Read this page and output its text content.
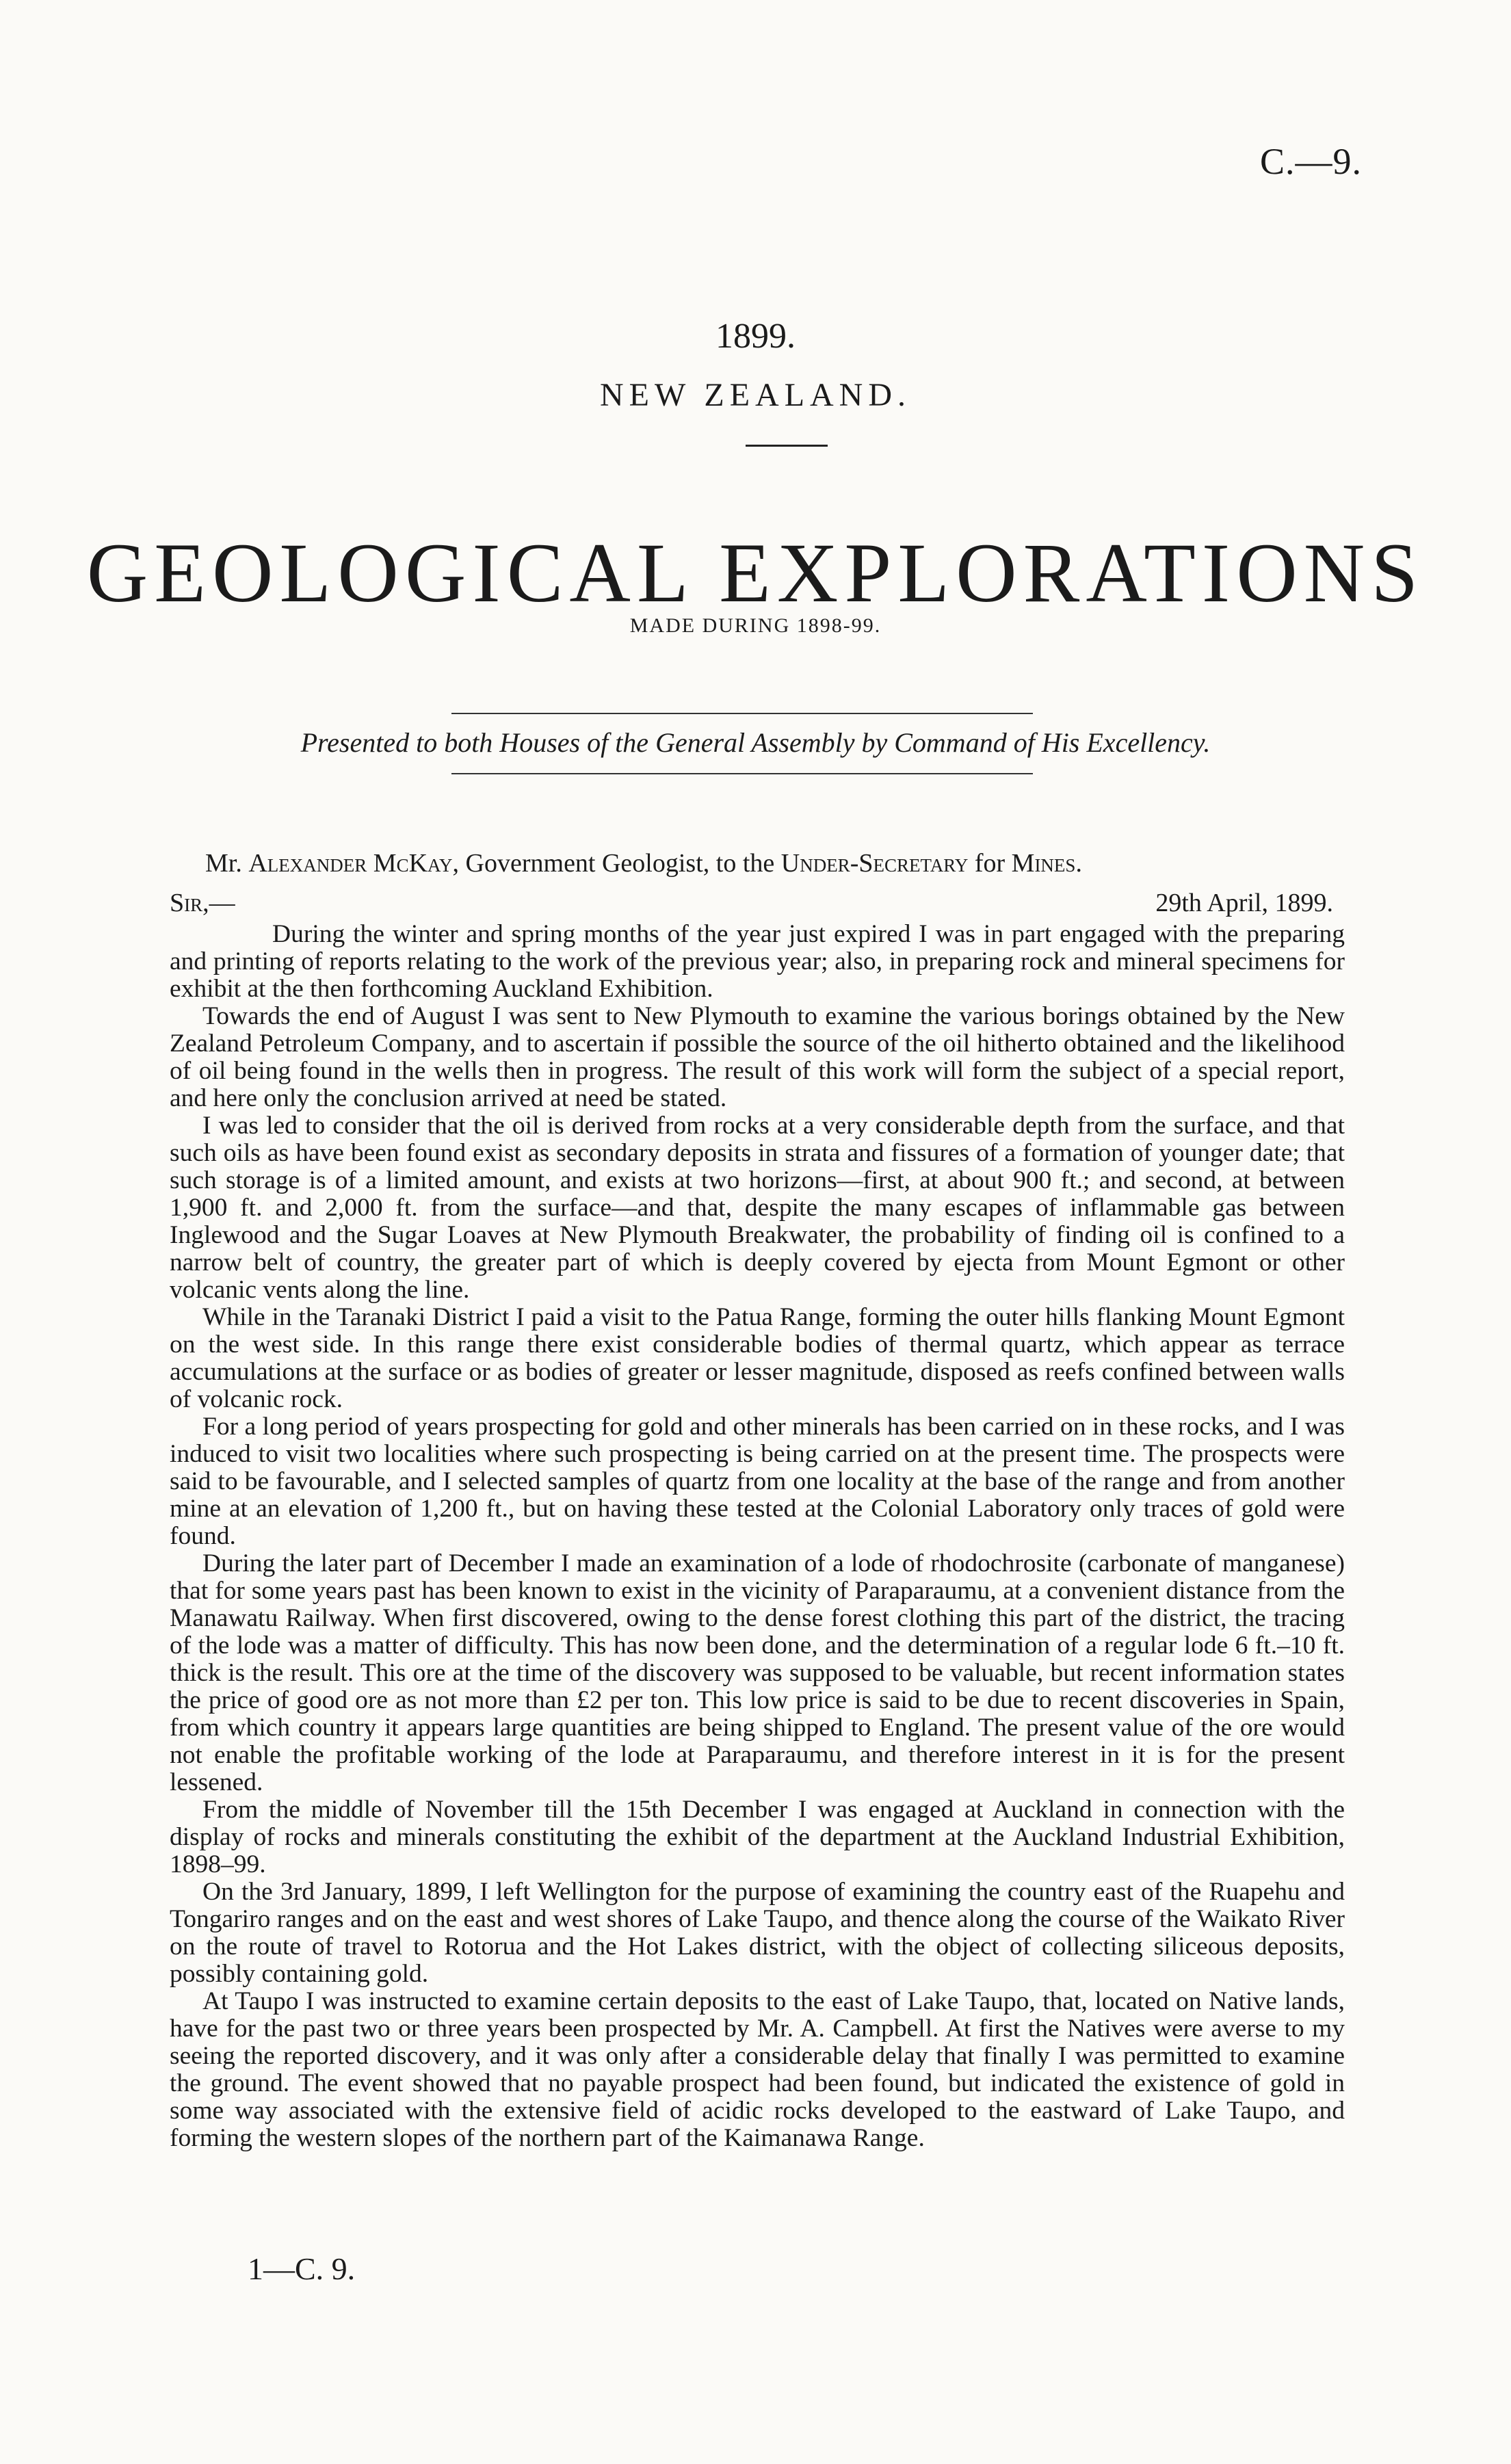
C.—9.
1899.
NEW ZEALAND.
GEOLOGICAL EXPLORATIONS
MADE DURING 1898-99.
Presented to both Houses of the General Assembly by Command of His Excellency.
Mr. Alexander McKay, Government Geologist, to the Under-Secretary for Mines.
Sir,—	29th April, 1899.

During the winter and spring months of the year just expired I was in part engaged with the preparing and printing of reports relating to the work of the previous year; also, in preparing rock and mineral specimens for exhibit at the then forthcoming Auckland Exhibition.

Towards the end of August I was sent to New Plymouth to examine the various borings obtained by the New Zealand Petroleum Company, and to ascertain if possible the source of the oil hitherto obtained and the likelihood of oil being found in the wells then in progress. The result of this work will form the subject of a special report, and here only the conclusion arrived at need be stated.

I was led to consider that the oil is derived from rocks at a very considerable depth from the surface, and that such oils as have been found exist as secondary deposits in strata and fissures of a formation of younger date; that such storage is of a limited amount, and exists at two horizons—first, at about 900 ft.; and second, at between 1,900 ft. and 2,000 ft. from the surface—and that, despite the many escapes of inflammable gas between Inglewood and the Sugar Loaves at New Plymouth Breakwater, the probability of finding oil is confined to a narrow belt of country, the greater part of which is deeply covered by ejecta from Mount Egmont or other volcanic vents along the line.

While in the Taranaki District I paid a visit to the Patua Range, forming the outer hills flanking Mount Egmont on the west side. In this range there exist considerable bodies of thermal quartz, which appear as terrace accumulations at the surface or as bodies of greater or lesser magnitude, disposed as reefs confined between walls of volcanic rock.

For a long period of years prospecting for gold and other minerals has been carried on in these rocks, and I was induced to visit two localities where such prospecting is being carried on at the present time. The prospects were said to be favourable, and I selected samples of quartz from one locality at the base of the range and from another mine at an elevation of 1,200 ft., but on having these tested at the Colonial Laboratory only traces of gold were found.

During the later part of December I made an examination of a lode of rhodochrosite (carbonate of manganese) that for some years past has been known to exist in the vicinity of Paraparaumu, at a convenient distance from the Manawatu Railway. When first discovered, owing to the dense forest clothing this part of the district, the tracing of the lode was a matter of difficulty. This has now been done, and the determination of a regular lode 6 ft.–10 ft. thick is the result. This ore at the time of the discovery was supposed to be valuable, but recent information states the price of good ore as not more than £2 per ton. This low price is said to be due to recent discoveries in Spain, from which country it appears large quantities are being shipped to England. The present value of the ore would not enable the profitable working of the lode at Paraparaumu, and therefore interest in it is for the present lessened.

From the middle of November till the 15th December I was engaged at Auckland in connection with the display of rocks and minerals constituting the exhibit of the department at the Auckland Industrial Exhibition, 1898–99.

On the 3rd January, 1899, I left Wellington for the purpose of examining the country east of the Ruapehu and Tongariro ranges and on the east and west shores of Lake Taupo, and thence along the course of the Waikato River on the route of travel to Rotorua and the Hot Lakes district, with the object of collecting siliceous deposits, possibly containing gold.

At Taupo I was instructed to examine certain deposits to the east of Lake Taupo, that, located on Native lands, have for the past two or three years been prospected by Mr. A. Campbell. At first the Natives were averse to my seeing the reported discovery, and it was only after a considerable delay that finally I was permitted to examine the ground. The event showed that no payable prospect had been found, but indicated the existence of gold in some way associated with the extensive field of acidic rocks developed to the eastward of Lake Taupo, and forming the western slopes of the northern part of the Kaimanawa Range.

1—C. 9.
